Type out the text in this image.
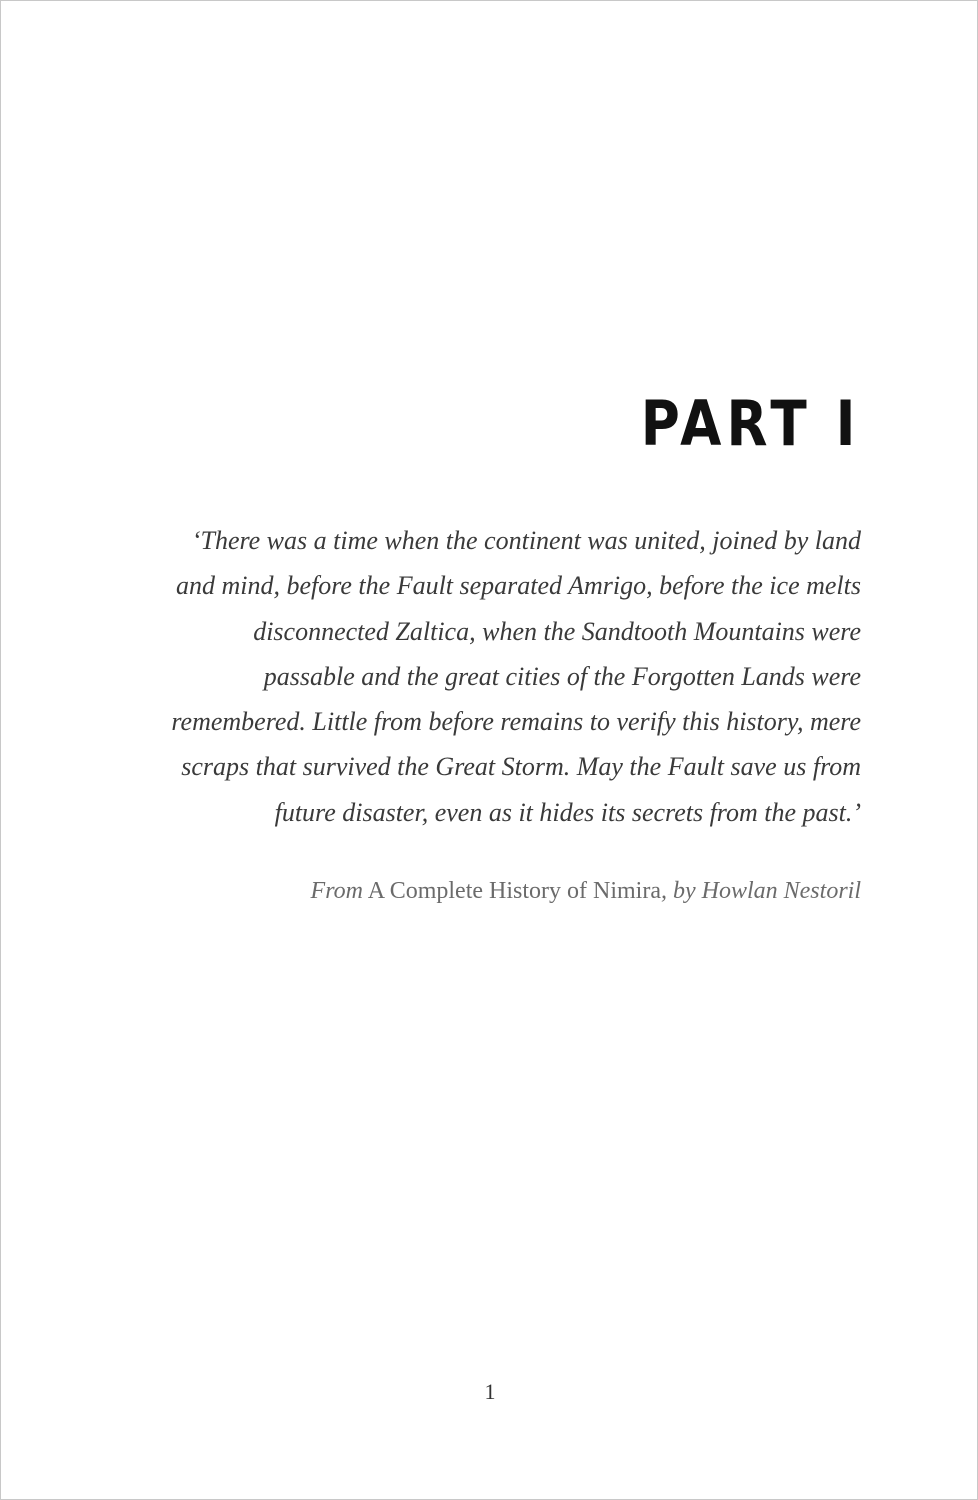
PART I
‘There was a time when the continent was united, joined by land
and mind, before the Fault separated Amrigo, before the ice melts
disconnected Zaltica, when the Sandtooth Mountains were
passable and the great cities of the Forgotten Lands were
remembered. Little from before remains to verify this history, mere
scraps that survived the Great Storm. May the Fault save us from
future disaster, even as it hides its secrets from the past.’

From A Complete History of Nimira, by Howlan Nestoril

1
